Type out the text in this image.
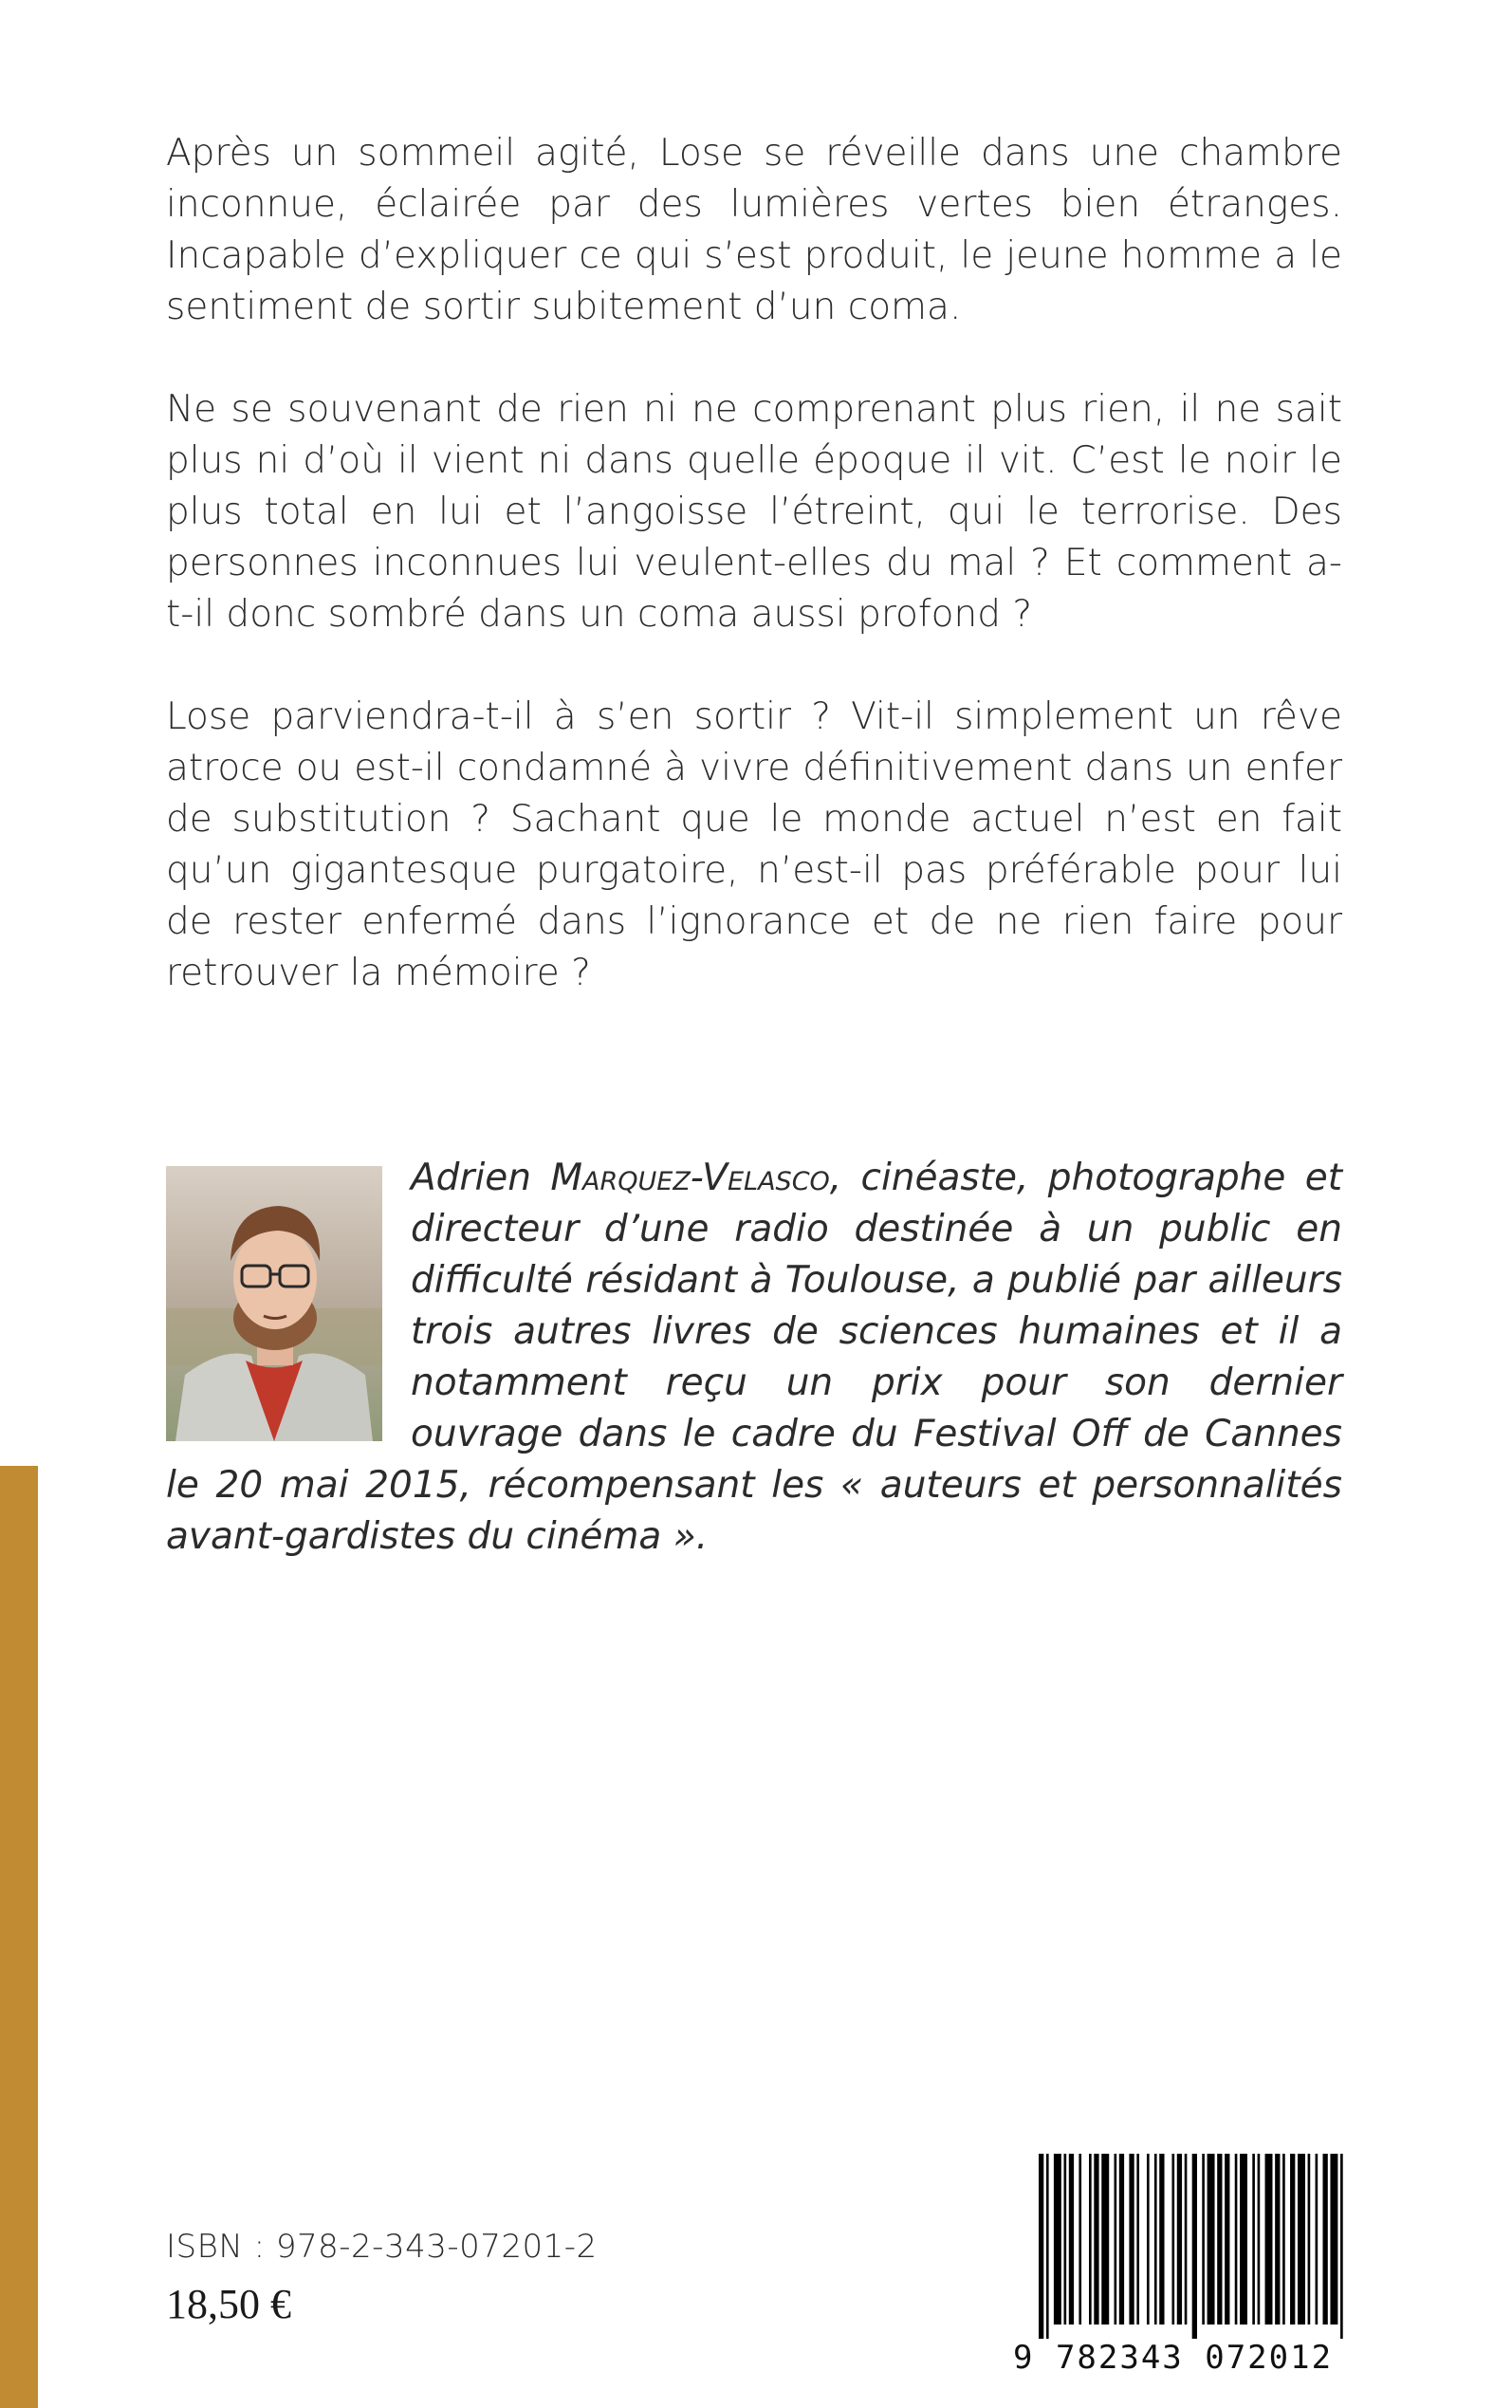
Après un sommeil agité, Lose se réveille dans une chambre inconnue, éclairée par des lumières vertes bien étranges. Incapable d’expliquer ce qui s’est produit, le jeune homme a le sentiment de sortir subitement d’un coma.

Ne se souvenant de rien ni ne comprenant plus rien, il ne sait plus ni d’où il vient ni dans quelle époque il vit. C’est le noir le plus total en lui et l’angoisse l’étreint, qui le terrorise. Des personnes inconnues lui veulent-elles du mal ? Et comment a-t-il donc sombré dans un coma aussi profond ?

Lose parviendra-t-il à s’en sortir ? Vit-il simplement un rêve atroce ou est-il condamné à vivre définitivement dans un enfer de substitution ? Sachant que le monde actuel n’est en fait qu’un gigantesque purgatoire, n’est-il pas préférable pour lui de rester enfermé dans l’ignorance et de ne rien faire pour retrouver la mémoire ?

Adrien Marquez-Velasco, cinéaste, photographe et directeur d’une radio destinée à un public en difficulté résidant à Toulouse, a publié par ailleurs trois autres livres de sciences humaines et il a notamment reçu un prix pour son dernier ouvrage dans le cadre du Festival Off de Cannes le 20 mai 2015, récompensant les « auteurs et personnalités avant-gardistes du cinéma ».

ISBN : 978-2-343-07201-2
18,50 €
9 782343 072012
